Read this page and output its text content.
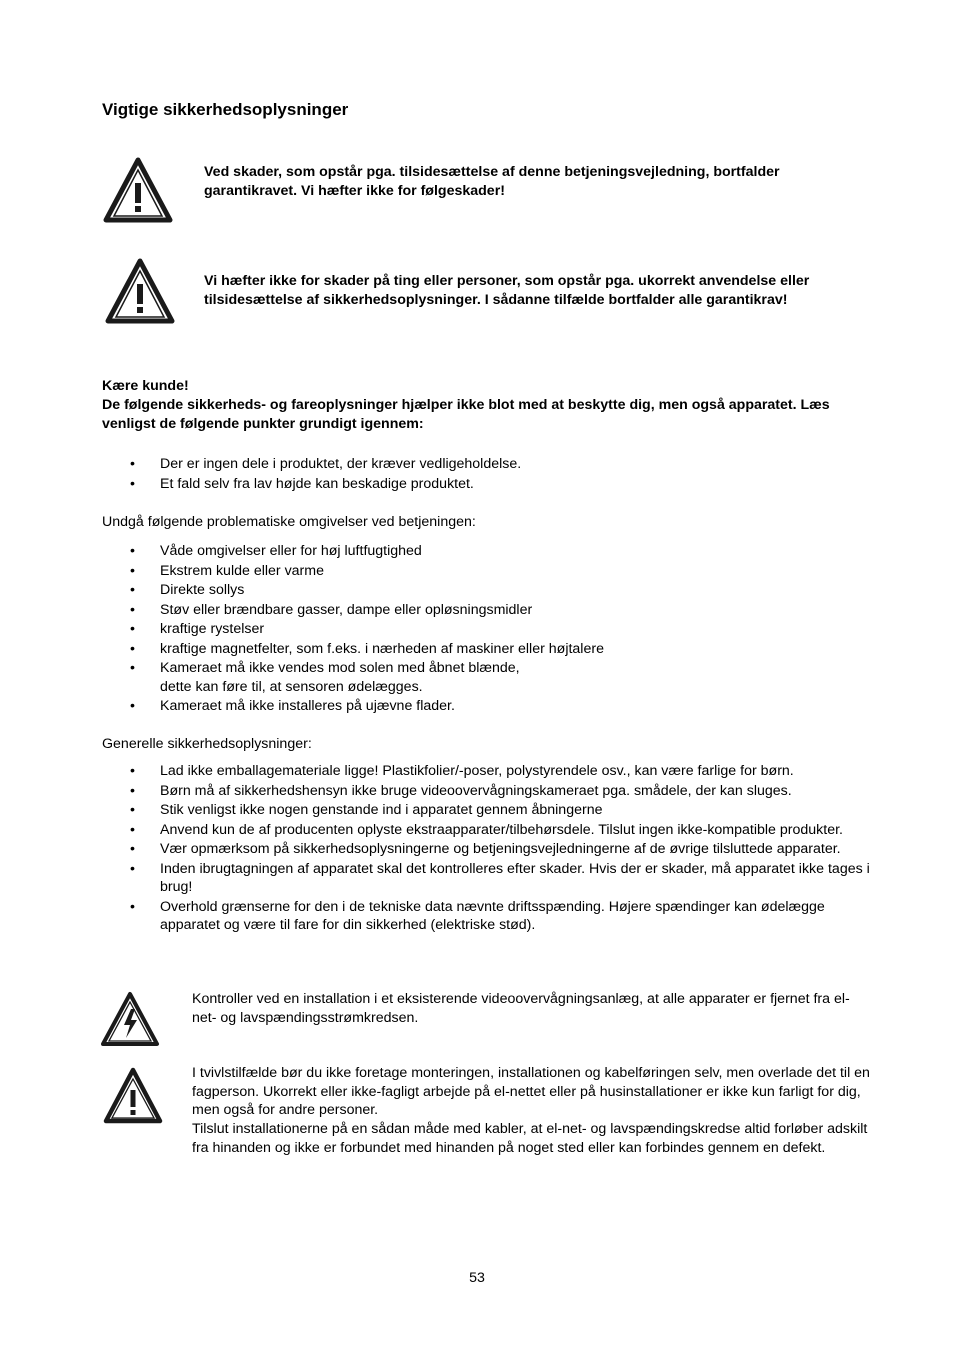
Vigtige sikkerhedsoplysninger
Ved skader, som opstår pga. tilsidesættelse af denne betjeningsvejledning, bortfalder garantikravet. Vi hæfter ikke for følgeskader!
Vi hæfter ikke for skader på ting eller personer, som opstår pga. ukorrekt anvendelse eller tilsidesættelse af sikkerhedsoplysninger. I sådanne tilfælde bortfalder alle garantikrav!
Kære kunde!
De følgende sikkerheds- og fareoplysninger hjælper ikke blot med at beskytte dig, men også apparatet. Læs venligst de følgende punkter grundigt igennem:
• Der er ingen dele i produktet, der kræver vedligeholdelse.
• Et fald selv fra lav højde kan beskadige produktet.
Undgå følgende problematiske omgivelser ved betjeningen:
• Våde omgivelser eller for høj luftfugtighed
• Ekstrem kulde eller varme
• Direkte sollys
• Støv eller brændbare gasser, dampe eller opløsningsmidler
• kraftige rystelser
• kraftige magnetfelter, som f.eks. i nærheden af maskiner eller højtalere
• Kameraet må ikke vendes mod solen med åbnet blænde,
dette kan føre til, at sensoren ødelægges.
• Kameraet må ikke installeres på ujævne flader.
Generelle sikkerhedsoplysninger:
• Lad ikke emballagemateriale ligge! Plastikfolier/-poser, polystyrendele osv., kan være farlige for børn.
• Børn må af sikkerhedshensyn ikke bruge videoovervågningskameraet pga. smådele, der kan sluges.
• Stik venligst ikke nogen genstande ind i apparatet gennem åbningerne
• Anvend kun de af producenten oplyste ekstraapparater/tilbehørsdele. Tilslut ingen ikke-kompatible produkter.
• Vær opmærksom på sikkerhedsoplysningerne og betjeningsvejledningerne af de øvrige tilsluttede apparater.
• Inden ibrugtagningen af apparatet skal det kontrolleres efter skader. Hvis der er skader, må apparatet ikke tages i brug!
• Overhold grænserne for den i de tekniske data nævnte driftsspænding. Højere spændinger kan ødelægge apparatet og være til fare for din sikkerhed (elektriske stød).
Kontroller ved en installation i et eksisterende videoovervågningsanlæg, at alle apparater er fjernet fra el-net- og lavspændingsstrømkredsen.
I tvivlstilfælde bør du ikke foretage monteringen, installationen og kabelføringen selv, men overlade det til en fagperson. Ukorrekt eller ikke-fagligt arbejde på el-nettet eller på husinstallationer er ikke kun farligt for dig, men også for andre personer.
Tilslut installationerne på en sådan måde med kabler, at el-net- og lavspændingskredse altid forløber adskilt fra hinanden og ikke er forbundet med hinanden på noget sted eller kan forbindes gennem en defekt.
53
